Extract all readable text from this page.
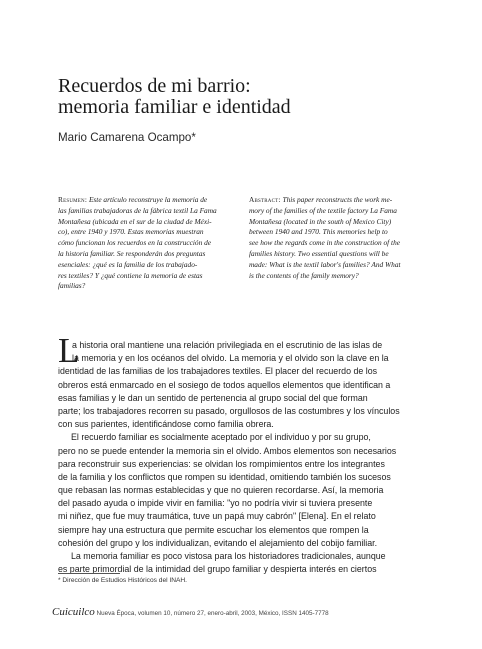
Recuerdos de mi barrio:
memoria familiar e identidad
Mario Camarena Ocampo*
Resumen: Este artículo reconstruye la memoria de
las familias trabajadoras de la fábrica textil La Fama
Montañesa (ubicada en el sur de la ciudad de Méxi-
co), entre 1940 y 1970. Estas memorias muestran
cómo funcionan los recuerdos en la construcción de
la historia familiar. Se responderán dos preguntas
esenciales: ¿qué es la familia de los trabajado-
res textiles? Y ¿qué contiene la memoria de estas
familias?
Abstract: This paper reconstructs the work me-
mory of the families of the textile factory La Fama
Montañesa (located in the south of Mexico City)
between 1940 and 1970. This memories help to
see how the regards come in the construction of the
families history. Two essential questions will be
made: What is the textil labor's families? And What
is the contents of the family memory?
L
a historia oral mantiene una relación privilegiada en el escrutinio de las islas de
la memoria y en los océanos del olvido. La memoria y el olvido son la clave en la
identidad de las familias de los trabajadores textiles. El placer del recuerdo de los
obreros está enmarcado en el sosiego de todos aquellos elementos que identifican a
esas familias y le dan un sentido de pertenencia al grupo social del que forman
parte; los trabajadores recorren su pasado, orgullosos de las costumbres y los vínculos
con sus parientes, identificándose como familia obrera.
El recuerdo familiar es socialmente aceptado por el individuo y por su grupo,
pero no se puede entender la memoria sin el olvido. Ambos elementos son necesarios
para reconstruir sus experiencias: se olvidan los rompimientos entre los integrantes
de la familia y los conflictos que rompen su identidad, omitiendo también los sucesos
que rebasan las normas establecidas y que no quieren recordarse. Así, la memoria
del pasado ayuda o impide vivir en familia: "yo no podría vivir si tuviera presente
mi niñez, que fue muy traumática, tuve un papá muy cabrón" [Elena]. En el relato
siempre hay una estructura que permite escuchar los elementos que rompen la
cohesión del grupo y los individualizan, evitando el alejamiento del cobijo familiar.
La memoria familiar es poco vistosa para los historiadores tradicionales, aunque
es parte primordial de la intimidad del grupo familiar y despierta interés en ciertos
* Dirección de Estudios Históricos del INAH.
Cuicuilco Nueva Época, volumen 10, número 27, enero-abril, 2003, México, ISSN 1405-7778
